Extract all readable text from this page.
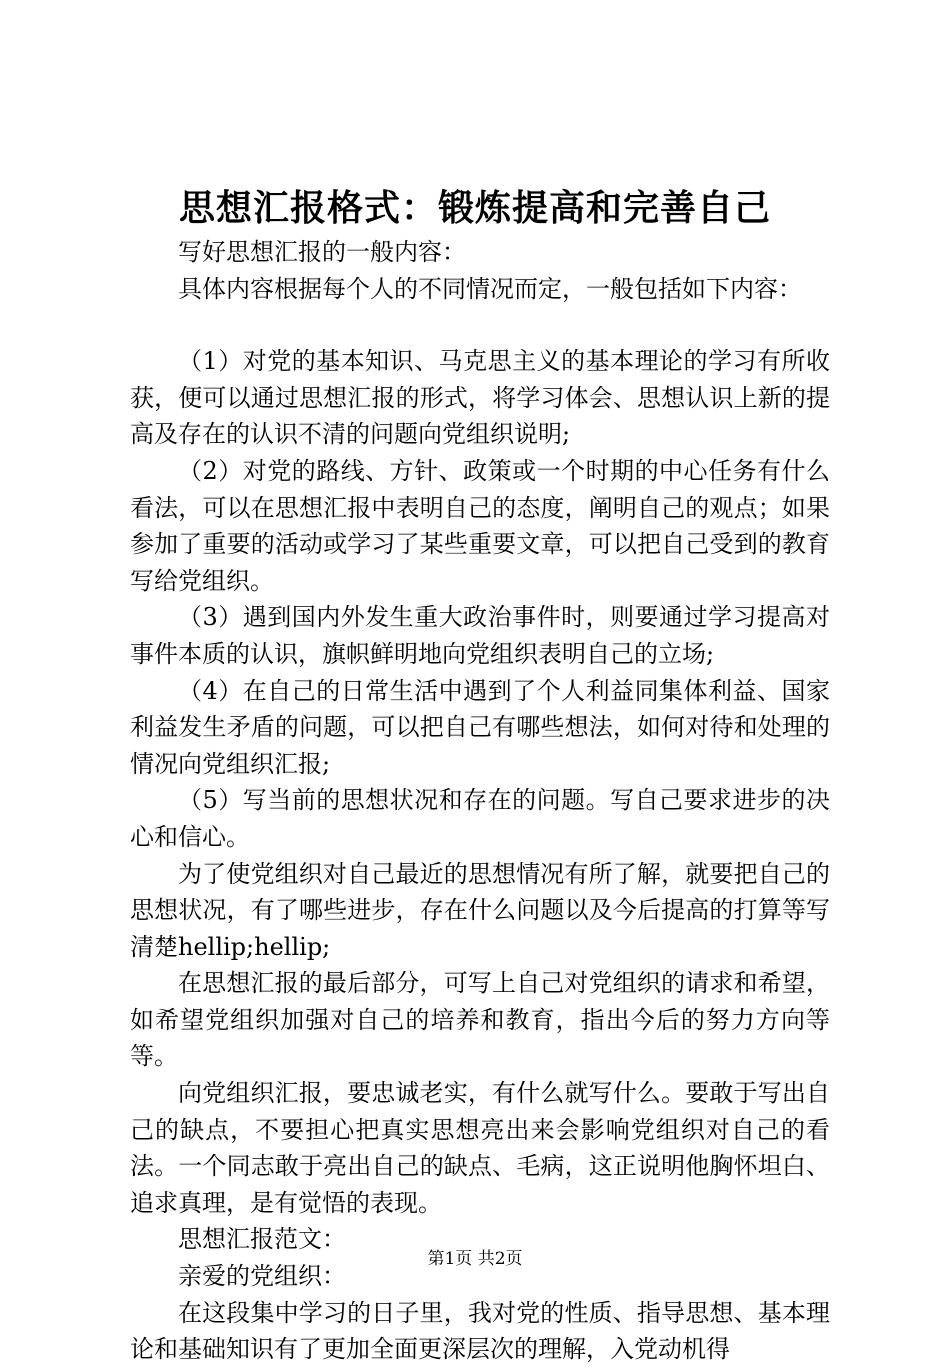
思想汇报格式：锻炼提高和完善自己

写好思想汇报的一般内容：

具体内容根据每个人的不同情况而定，一般包括如下内容：

（1）对党的基本知识、马克思主义的基本理论的学习有所收获，便可以通过思想汇报的形式，将学习体会、思想认识上新的提高及存在的认识不清的问题向党组织说明;

（2）对党的路线、方针、政策或一个时期的中心任务有什么看法，可以在思想汇报中表明自己的态度，阐明自己的观点；如果参加了重要的活动或学习了某些重要文章，可以把自己受到的教育写给党组织。

（3）遇到国内外发生重大政治事件时，则要通过学习提高对事件本质的认识，旗帜鲜明地向党组织表明自己的立场;

（4）在自己的日常生活中遇到了个人利益同集体利益、国家利益发生矛盾的问题，可以把自己有哪些想法，如何对待和处理的情况向党组织汇报;

（5）写当前的思想状况和存在的问题。写自己要求进步的决心和信心。

为了使党组织对自己最近的思想情况有所了解，就要把自己的思想状况，有了哪些进步，存在什么问题以及今后提高的打算等写清楚hellip;hellip;

在思想汇报的最后部分，可写上自己对党组织的请求和希望，如希望党组织加强对自己的培养和教育，指出今后的努力方向等等。

向党组织汇报，要忠诚老实，有什么就写什么。要敢于写出自己的缺点，不要担心把真实思想亮出来会影响党组织对自己的看法。一个同志敢于亮出自己的缺点、毛病，这正说明他胸怀坦白、追求真理，是有觉悟的表现。

思想汇报范文：

亲爱的党组织：

在这段集中学习的日子里，我对党的性质、指导思想、基本理论和基础知识有了更加全面更深层次的理解，入党动机得

第1页 共2页
